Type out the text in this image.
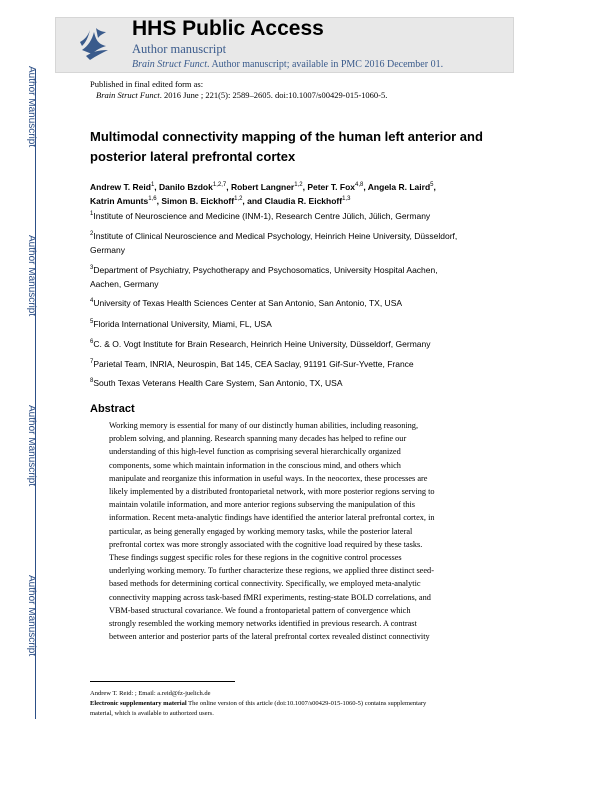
HHS Public Access
Author manuscript
Brain Struct Funct. Author manuscript; available in PMC 2016 December 01.
Author Manuscript
Author Manuscript
Author Manuscript
Author Manuscript
Published in final edited form as:
Brain Struct Funct. 2016 June ; 221(5): 2589–2605. doi:10.1007/s00429-015-1060-5.
Multimodal connectivity mapping of the human left anterior and
posterior lateral prefrontal cortex
Andrew T. Reid$^1$, Danilo Bzdok$^{1,2,7}$, Robert Langner$^{1,2}$, Peter T. Fox$^{4,8}$, Angela R. Laird$^5$,
Katrin Amunts$^{1,6}$, Simon B. Eickhoff$^{1,2}$, and Claudia R. Eickhoff$^{1,3}$
$^1$Institute of Neuroscience and Medicine (INM-1), Research Centre Jülich, Jülich, Germany
$^2$Institute of Clinical Neuroscience and Medical Psychology, Heinrich Heine University, Düsseldorf,
Germany
$^3$Department of Psychiatry, Psychotherapy and Psychosomatics, University Hospital Aachen,
Aachen, Germany
$^4$University of Texas Health Sciences Center at San Antonio, San Antonio, TX, USA
$^5$Florida International University, Miami, FL, USA
$^6$C. & O. Vogt Institute for Brain Research, Heinrich Heine University, Düsseldorf, Germany
$^7$Parietal Team, INRIA, Neurospin, Bat 145, CEA Saclay, 91191 Gif-Sur-Yvette, France
$^8$South Texas Veterans Health Care System, San Antonio, TX, USA
Abstract
Working memory is essential for many of our distinctly human abilities, including reasoning,
problem solving, and planning. Research spanning many decades has helped to refine our
understanding of this high-level function as comprising several hierarchically organized
components, some which maintain information in the conscious mind, and others which
manipulate and reorganize this information in useful ways. In the neocortex, these processes are
likely implemented by a distributed frontoparietal network, with more posterior regions serving to
maintain volatile information, and more anterior regions subserving the manipulation of this
information. Recent meta-analytic findings have identified the anterior lateral prefrontal cortex, in
particular, as being generally engaged by working memory tasks, while the posterior lateral
prefrontal cortex was more strongly associated with the cognitive load required by these tasks.
These findings suggest specific roles for these regions in the cognitive control processes
underlying working memory. To further characterize these regions, we applied three distinct seed-
based methods for determining cortical connectivity. Specifically, we employed meta-analytic
connectivity mapping across task-based fMRI experiments, resting-state BOLD correlations, and
VBM-based structural covariance. We found a frontoparietal pattern of convergence which
strongly resembled the working memory networks identified in previous research. A contrast
between anterior and posterior parts of the lateral prefrontal cortex revealed distinct connectivity
Andrew T. Reid: ; Email: a.reid@fz-juelich.de
Electronic supplementary material The online version of this article (doi:10.1007/s00429-015-1060-5) contains supplementary
material, which is available to authorized users.
